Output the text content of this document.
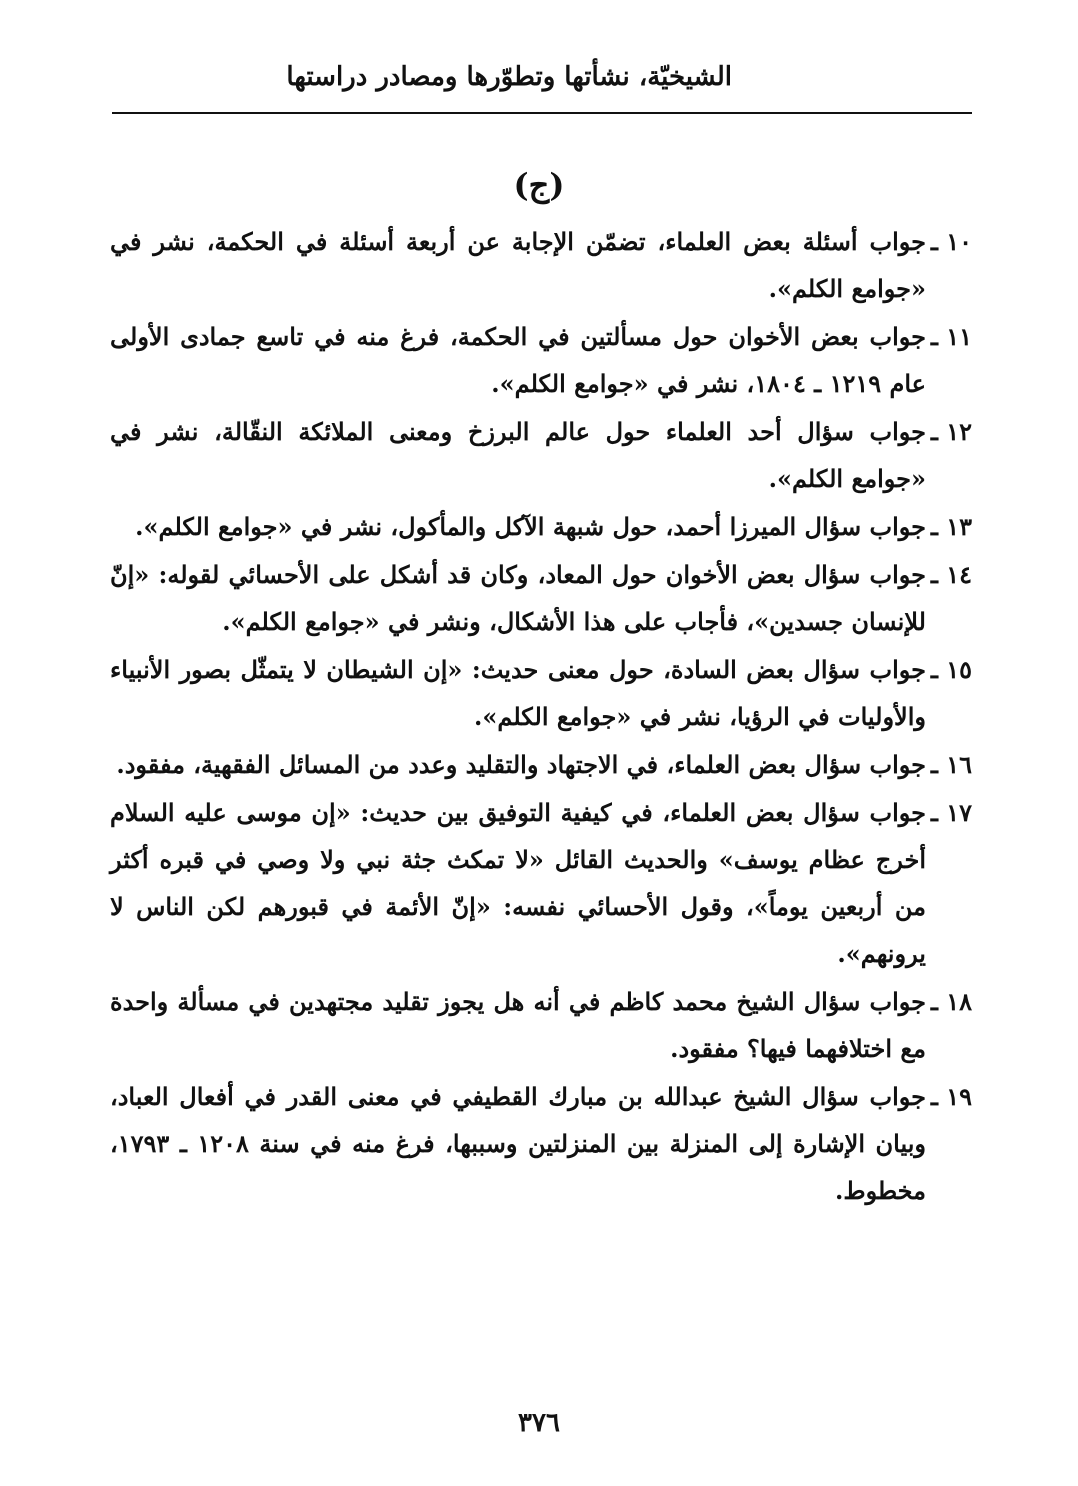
الشيخيّة، نشأتها وتطوّرها ومصادر دراستها
(ج)
١٠ ـ
جواب أسئلة بعض العلماء، تضمّن الإجابة عن أربعة أسئلة في الحكمة، نشر في «جوامع الكلم».
١١ ـ
جواب بعض الأخوان حول مسألتين في الحكمة، فرغ منه في تاسع جمادى الأولى عام ١٢١٩ ـ ١٨٠٤، نشر في «جوامع الكلم».
١٢ ـ
جواب سؤال أحد العلماء حول عالم البرزخ ومعنى الملائكة النقّالة، نشر في «جوامع الكلم».
١٣ ـ
جواب سؤال الميرزا أحمد، حول شبهة الآكل والمأكول، نشر في «جوامع الكلم».
١٤ ـ
جواب سؤال بعض الأخوان حول المعاد، وكان قد أشكل على الأحسائي لقوله: «إنّ للإنسان جسدين»، فأجاب على هذا الأشكال، ونشر في «جوامع الكلم».
١٥ ـ
جواب سؤال بعض السادة، حول معنى حديث: «إن الشيطان لا يتمثّل بصور الأنبياء والأوليات في الرؤيا، نشر في «جوامع الكلم».
١٦ ـ
جواب سؤال بعض العلماء، في الاجتهاد والتقليد وعدد من المسائل الفقهية، مفقود.
١٧ ـ
جواب سؤال بعض العلماء، في كيفية التوفيق بين حديث: «إن موسى عليه السلام أخرج عظام يوسف» والحديث القائل «لا تمكث جثة نبي ولا وصي في قبره أكثر من أربعين يوماً»، وقول الأحسائي نفسه: «إنّ الأئمة في قبورهم لكن الناس لا يرونهم».
١٨ ـ
جواب سؤال الشيخ محمد كاظم في أنه هل يجوز تقليد مجتهدين في مسألة واحدة مع اختلافهما فيها؟ مفقود.
١٩ ـ
جواب سؤال الشيخ عبدالله بن مبارك القطيفي في معنى القدر في أفعال العباد، وبيان الإشارة إلى المنزلة بين المنزلتين وسببها، فرغ منه في سنة ١٢٠٨ ـ ١٧٩٣، مخطوط.
٣٧٦
